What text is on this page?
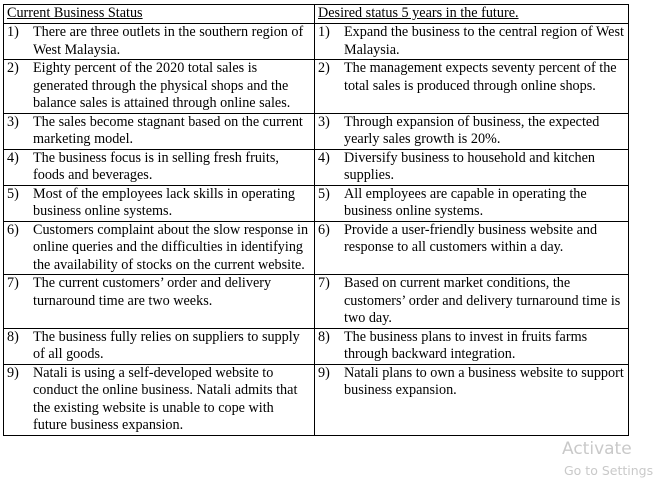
Current Business Status	Desired status 5 years in the future.

1) There are three outlets in the southern region of West Malaysia.	1) Expand the business to the central region of West Malaysia.

2) Eighty percent of the 2020 total sales is generated through the physical shops and the balance sales is attained through online sales.	2) The management expects seventy percent of the total sales is produced through online shops.

3) The sales become stagnant based on the current marketing model.	3) Through expansion of business, the expected yearly sales growth is 20%.

4) The business focus is in selling fresh fruits, foods and beverages.	4) Diversify business to household and kitchen supplies.

5) Most of the employees lack skills in operating business online systems.	5) All employees are capable in operating the business online systems.

6) Customers complaint about the slow response in online queries and the difficulties in identifying the availability of stocks on the current website.	6) Provide a user-friendly business website and response to all customers within a day.

7) The current customers’ order and delivery turnaround time are two weeks.	7) Based on current market conditions, the customers’ order and delivery turnaround time is two day.

8) The business fully relies on suppliers to supply of all goods.	8) The business plans to invest in fruits farms through backward integration.

9) Natali is using a self-developed website to conduct the online business. Natali admits that the existing website is unable to cope with future business expansion.	9) Natali plans to own a business website to support business expansion.
Activate
Go to Settings
